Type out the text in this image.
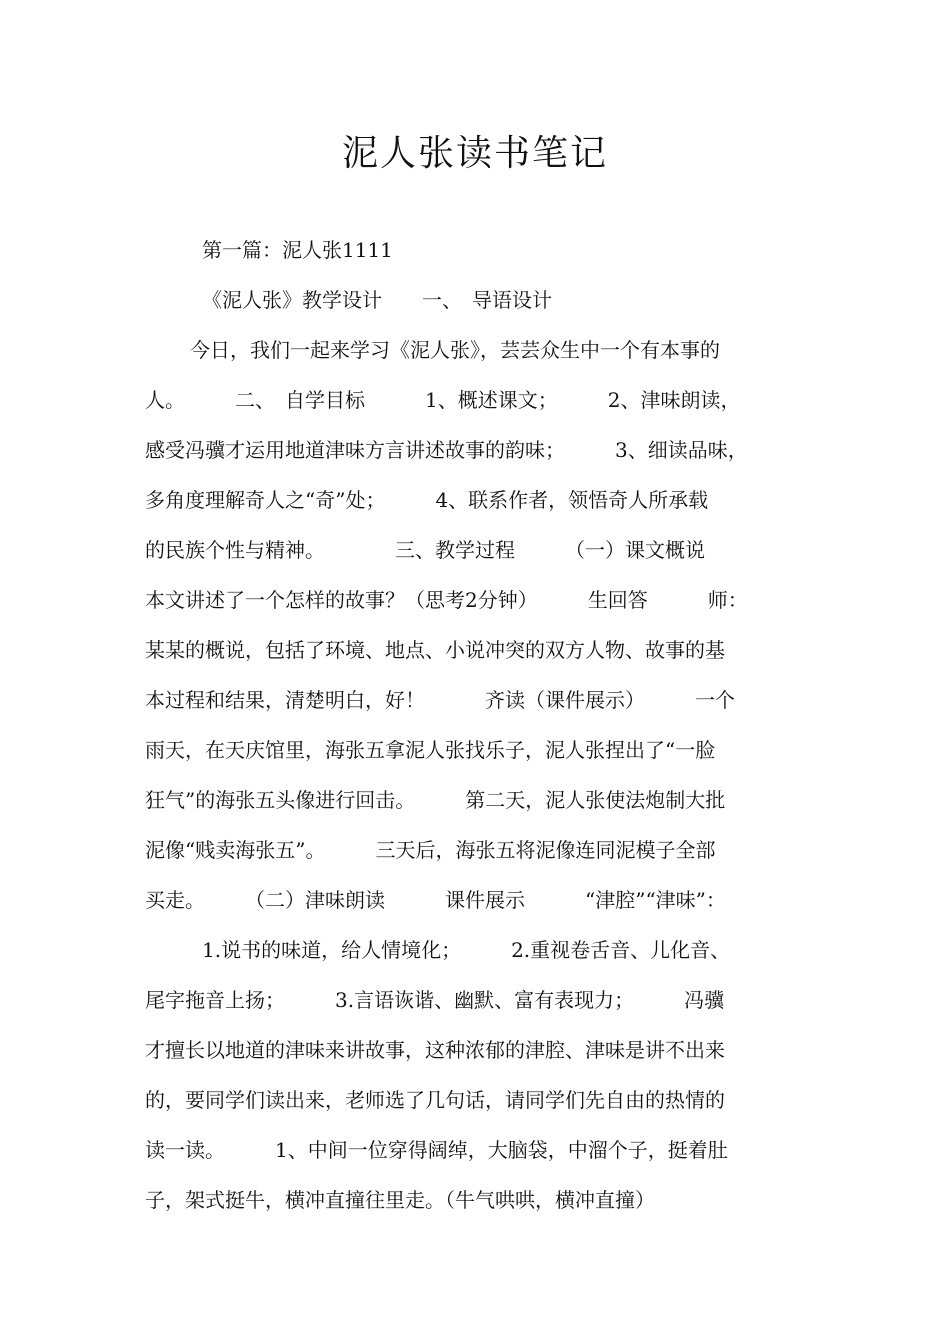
泥人张读书笔记
第一篇：泥人张1111
《泥人张》教学设计　　一、　导语设计
今日，我们一起来学习《泥人张》，芸芸众生中一个有本事的
人。　　　二、　自学目标　　　1、概述课文；　　　2、津味朗读，
感受冯骥才运用地道津味方言讲述故事的韵味；　　　3、细读品味，
多角度理解奇人之“奇”处；　　　4、联系作者，领悟奇人所承载
的民族个性与精神。　　　　三、教学过程　　　（一）课文概说
本文讲述了一个怎样的故事？（思考2分钟）　　　生回答　　　师：
某某的概说，包括了环境、地点、小说冲突的双方人物、故事的基
本过程和结果，清楚明白，好！　　　齐读（课件展示）　　　一个
雨天，在天庆馆里，海张五拿泥人张找乐子，泥人张捏出了“一脸
狂气”的海张五头像进行回击。　　　第二天，泥人张使法炮制大批
泥像“贱卖海张五”。　　　三天后，海张五将泥像连同泥模子全部
买走。　　　（二）津味朗读　　　课件展示　　　“津腔”“津味”：
1.说书的味道，给人情境化；　　　2.重视卷舌音、儿化音、
尾字拖音上扬；　　　3.言语诙谐、幽默、富有表现力；　　　冯骥
才擅长以地道的津味来讲故事，这种浓郁的津腔、津味是讲不出来
的，要同学们读出来，老师选了几句话，请同学们先自由的热情的
读一读。　　　1、中间一位穿得阔绰，大脑袋，中溜个子，挺着肚
子，架式挺牛，横冲直撞往里走。（牛气哄哄，横冲直撞）
